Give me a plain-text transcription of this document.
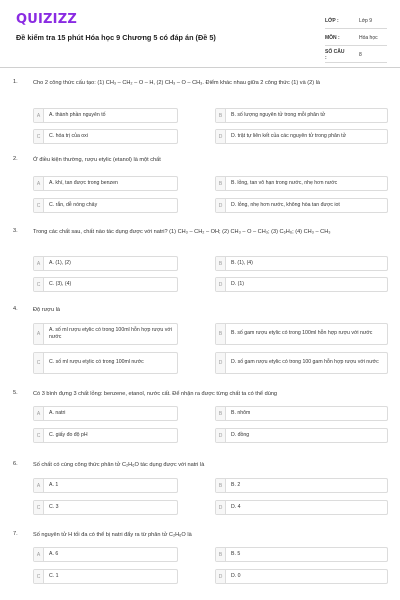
QUIZIZZ
Đề kiểm tra 15 phút Hóa học 9 Chương 5 có đáp án (Đề 5)
LỚP :	Lớp 9
MÔN :	Hóa học
SỐ CÂU :	8
1.	Cho 2 công thức cấu tạo: (1) CH₃ – CH₂ – O – H, (2) CH₃ – O – CH₃. Điểm khác nhau giữa 2 công thức (1) và (2) là
A	A. thành phần nguyên tố	B	B. số lượng nguyên tử trong mỗi phân tử
C	C. hóa trị của oxi	D	D. trật tự liên kết của các nguyên tử trong phân tử
2.	Ở điều kiện thường, rượu etylic (etanol) là một chất
A	A. khí, tan được trong benzen	B	B. lỏng, tan vô hạn trong nước, nhẹ hơn nước
C	C. rắn, dễ nóng chảy	D	D. lỏng, nhẹ hơn nước, không hòa tan được iot
3.	Trong các chất sau, chất nào tác dụng được với natri? (1) CH₃ – CH₂ – OH; (2) CH₃ – O – CH₃; (3) C₆H₆; (4) CH₃ – CH₃
A	A. (1), (2)	B	B. (1), (4)
C	C. (3), (4)	D	D. (1)
4.	Độ rượu là
A
A. số ml rượu etylic có trong 100ml hỗn hợp rượu với nước	B	B. số gam rượu etylic có trong 100ml hỗn hợp rượu với nước
C	C. số ml rượu etylic có trong 100ml nước	D	D. số gam rượu etylic có trong 100 gam hỗn hợp rượu với nước
5.	Có 3 bình đựng 3 chất lỏng: benzene, etanol, nước cất. Để nhận ra được từng chất ta có thể dùng
A	A. natri	B	B. nhôm
C	C. giấy đo độ pH	D	D. đồng
6.	Số chất có cùng công thức phân tử C₂H₆O tác dụng được với natri là
A	A. 1	B	B. 2
C	C. 3	D	D. 4
7.	Số nguyên tử H tối đa có thể bị natri đẩy ra từ phân tử C₂H₆O là
A	A. 6	B	B. 5
C	C. 1	D	D. 0
